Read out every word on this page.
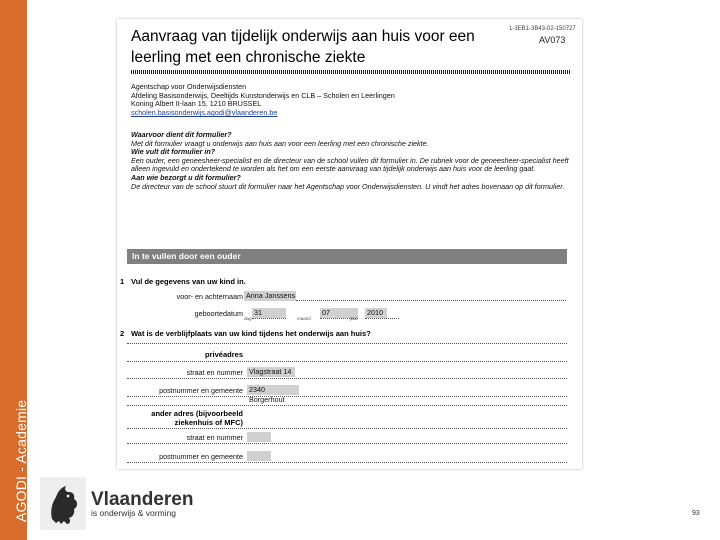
AGODI - Academie
Aanvraag van tijdelijk onderwijs aan huis voor een leerling met een chronische ziekte
1-3EB1-3B43-02-150727
AV073
Agentschap voor Onderwijsdiensten
Afdeling Basisonderwijs, Deeltijds Kunstonderwijs en CLB – Scholen en Leerlingen
Koning Albert II-laan 15, 1210 BRUSSEL
scholen.basisonderwijs.agodi@vlaanderen.be
Waarvoor dient dit formulier?
Met dit formulier vraagt u onderwijs aan huis aan voor een leerling met een chronische ziekte.
Wie vult dit formulier in?
Een ouder, een geneesheer-specialist en de directeur van de school vullen dit formulier in. De rubriek voor de geneesheer-specialist heeft alleen ingevuld en ondertekend te worden als het om een eerste aanvraag van tijdelijk onderwijs aan huis voor de leerling gaat.
Aan wie bezorgt u dit formulier?
De directeur van de school stuurt dit formulier naar het Agentschap voor Onderwijsdiensten. U vindt het adres bovenaan op dit formulier.
In te vullen door een ouder
1 Vul de gegevens van uw kind in.
voor- en achternaam Anna Janssens
geboortedatum 31
dag
07
maand
2010
jaar
2 Wat is de verblijfplaats van uw kind tijdens het onderwijs aan huis?
privéadres
straat en nummer Vlagstraat 14
postnummer en gemeente 2340 Borgerhout
ander adres (bijvoorbeeld ziekenhuis of MFC)
straat en nummer
postnummer en gemeente
Vlaanderen
is onderwijs & vorming	93
